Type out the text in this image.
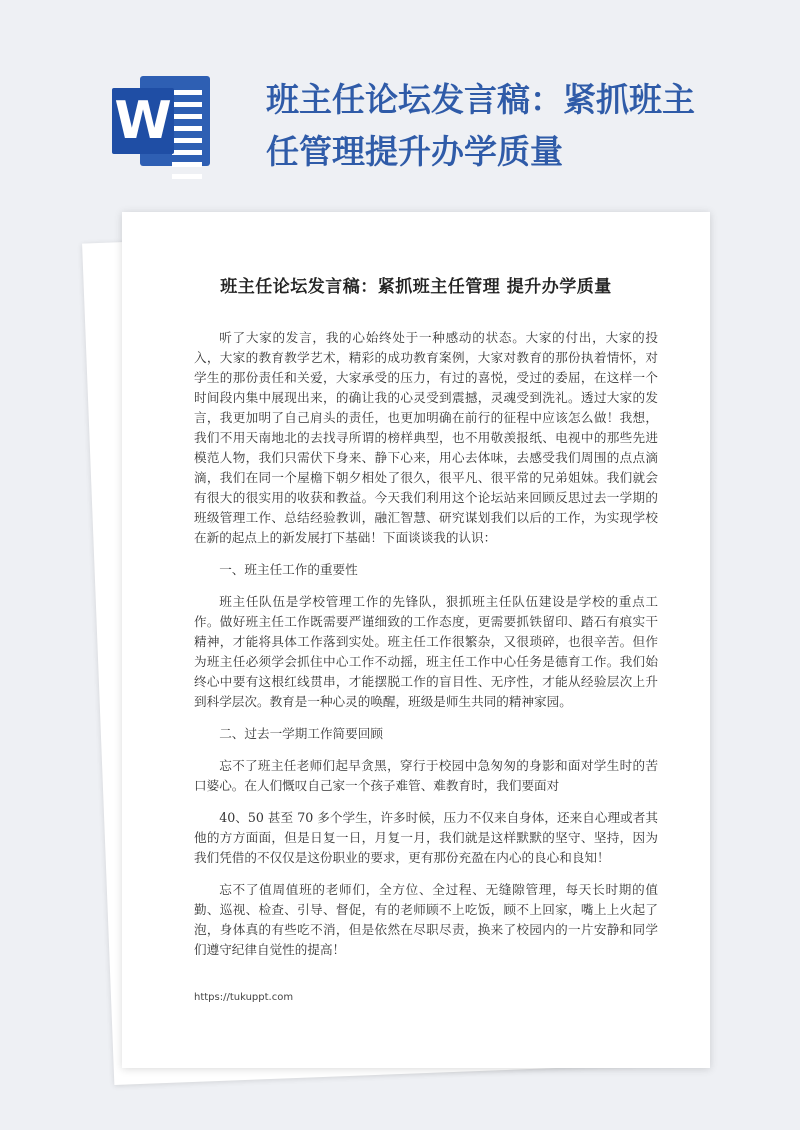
W	班主任论坛发言稿：紧抓班主任管理提升办学质量
班主任论坛发言稿：紧抓班主任管理 提升办学质量

听了大家的发言，我的心始终处于一种感动的状态。大家的付出，大家的投入，大家的教育教学艺术，精彩的成功教育案例，大家对教育的那份执着情怀，对学生的那份责任和关爱，大家承受的压力，有过的喜悦，受过的委屈，在这样一个时间段内集中展现出来，的确让我的心灵受到震撼，灵魂受到洗礼。透过大家的发言，我更加明了自己肩头的责任，也更加明确在前行的征程中应该怎么做！我想，我们不用天南地北的去找寻所谓的榜样典型，也不用敬羡报纸、电视中的那些先进模范人物，我们只需伏下身来、静下心来，用心去体味，去感受我们周围的点点滴滴，我们在同一个屋檐下朝夕相处了很久，很平凡、很平常的兄弟姐妹。我们就会有很大的很实用的收获和教益。今天我们利用这个论坛站来回顾反思过去一学期的班级管理工作、总结经验教训，融汇智慧、研究谋划我们以后的工作，为实现学校在新的起点上的新发展打下基础！下面谈谈我的认识：

一、班主任工作的重要性

班主任队伍是学校管理工作的先锋队，狠抓班主任队伍建设是学校的重点工作。做好班主任工作既需要严谨细致的工作态度，更需要抓铁留印、踏石有痕实干精神，才能将具体工作落到实处。班主任工作很繁杂，又很琐碎，也很辛苦。但作为班主任必须学会抓住中心工作不动摇，班主任工作中心任务是德育工作。我们始终心中要有这根红线贯串，才能摆脱工作的盲目性、无序性，才能从经验层次上升到科学层次。教育是一种心灵的唤醒，班级是师生共同的精神家园。

二、过去一学期工作简要回顾

忘不了班主任老师们起早贪黑，穿行于校园中急匆匆的身影和面对学生时的苦口婆心。在人们慨叹自己家一个孩子难管、难教育时，我们要面对

40、50 甚至 70 多个学生，许多时候，压力不仅来自身体，还来自心理或者其他的方方面面，但是日复一日，月复一月，我们就是这样默默的坚守、坚持，因为我们凭借的不仅仅是这份职业的要求，更有那份充盈在内心的良心和良知！

忘不了值周值班的老师们，全方位、全过程、无缝隙管理，每天长时期的值勤、巡视、检查、引导、督促，有的老师顾不上吃饭，顾不上回家，嘴上上火起了泡，身体真的有些吃不消，但是依然在尽职尽责，换来了校园内的一片安静和同学们遵守纪律自觉性的提高！

https://tukuppt.com
